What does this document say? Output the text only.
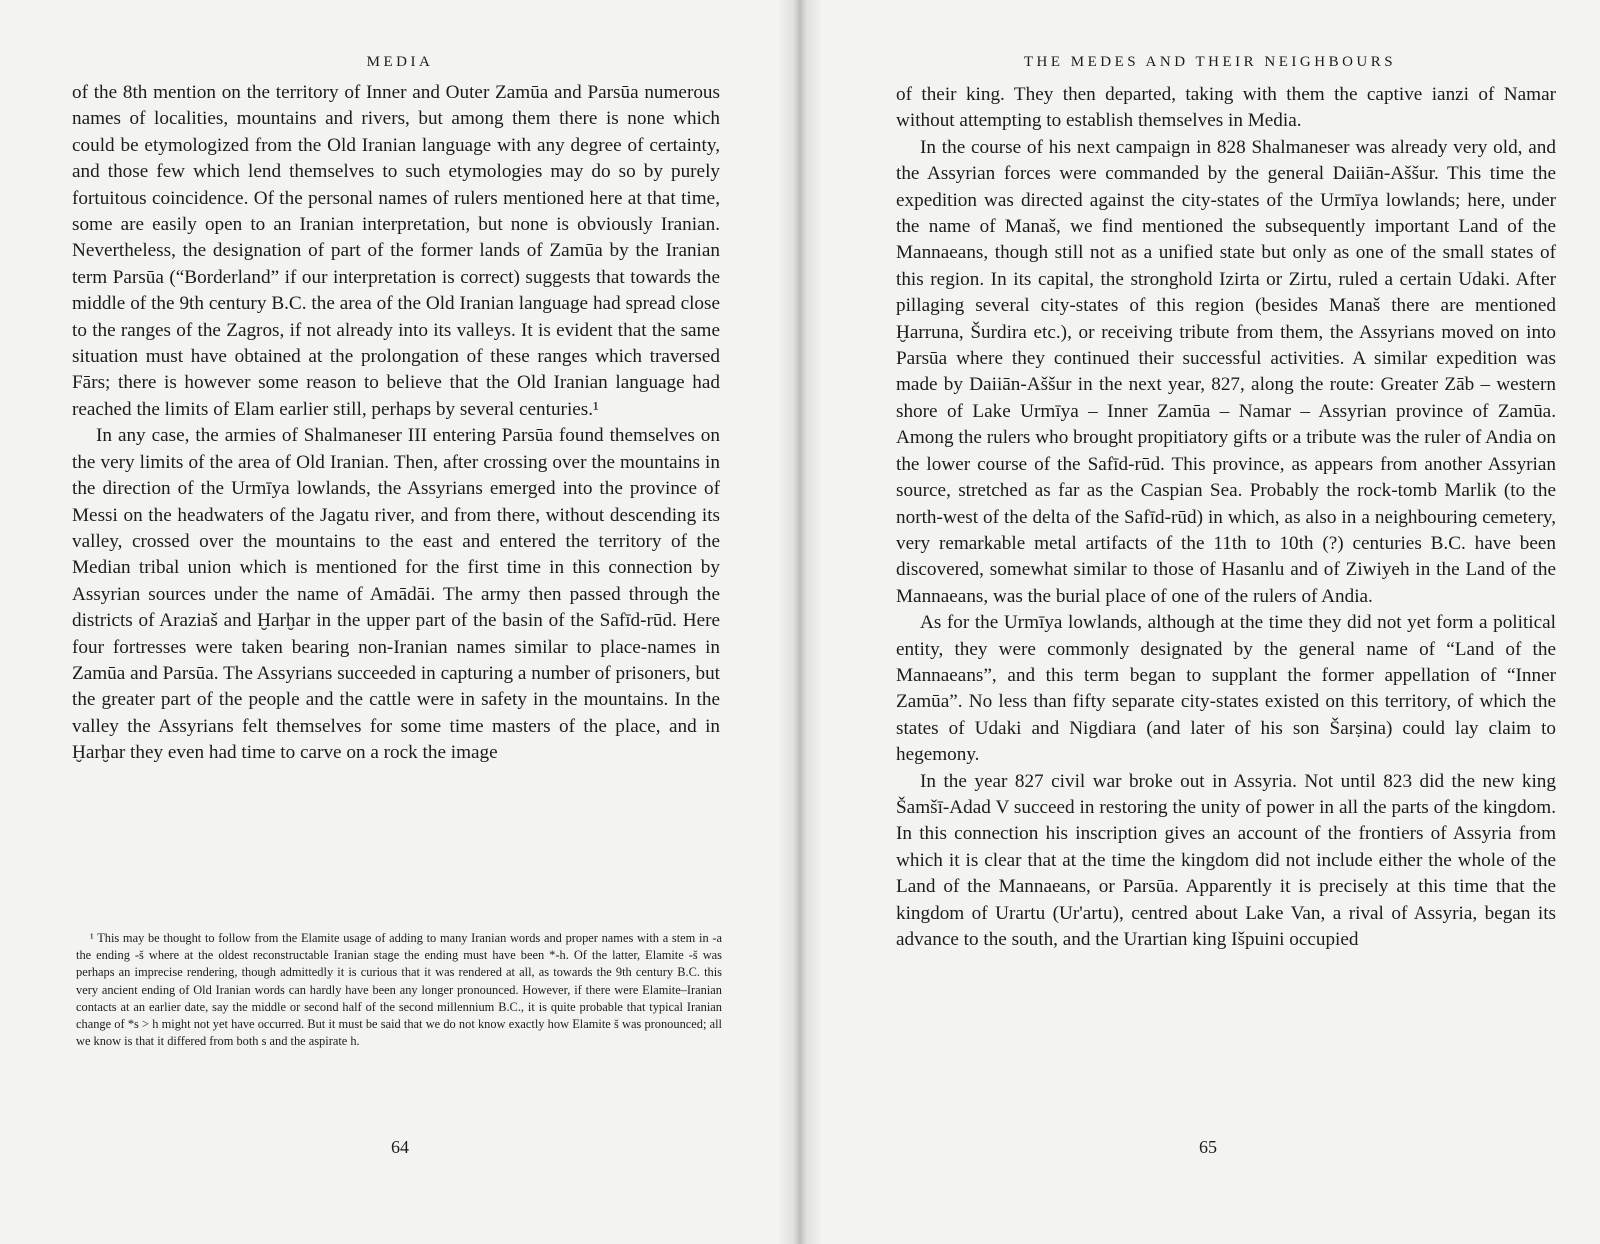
MEDIA

of the 8th mention on the territory of Inner and Outer Zamūa and Parsūa numerous names of localities, mountains and rivers, but among them there is none which could be etymologized from the Old Iranian language with any degree of certainty, and those few which lend themselves to such etymologies may do so by purely fortuitous coincidence. Of the personal names of rulers mentioned here at that time, some are easily open to an Iranian interpretation, but none is obviously Iranian. Nevertheless, the designation of part of the former lands of Zamūa by the Iranian term Parsūa (“Borderland” if our interpretation is correct) suggests that towards the middle of the 9th century B.C. the area of the Old Iranian language had spread close to the ranges of the Zagros, if not already into its valleys. It is evident that the same situation must have obtained at the prolongation of these ranges which traversed Fārs; there is however some reason to believe that the Old Iranian language had reached the limits of Elam earlier still, perhaps by several centuries.¹

In any case, the armies of Shalmaneser III entering Parsūa found themselves on the very limits of the area of Old Iranian. Then, after crossing over the mountains in the direction of the Urmīya lowlands, the Assyrians emerged into the province of Messi on the headwaters of the Jagatu river, and from there, without descending its valley, crossed over the mountains to the east and entered the territory of the Median tribal union which is mentioned for the first time in this connection by Assyrian sources under the name of Amādāi. The army then passed through the districts of Araziaš and Ḫarḫar in the upper part of the basin of the Safīd-rūd. Here four fortresses were taken bearing non-Iranian names similar to place-names in Zamūa and Parsūa. The Assyrians succeeded in capturing a number of prisoners, but the greater part of the people and the cattle were in safety in the mountains. In the valley the Assyrians felt themselves for some time masters of the place, and in Ḫarḫar they even had time to carve on a rock the image

¹ This may be thought to follow from the Elamite usage of adding to many Iranian words and proper names with a stem in -a the ending -š where at the oldest reconstructable Iranian stage the ending must have been *-h. Of the latter, Elamite -š was perhaps an imprecise rendering, though admittedly it is curious that it was rendered at all, as towards the 9th century B.C. this very ancient ending of Old Iranian words can hardly have been any longer pronounced. However, if there were Elamite–Iranian contacts at an earlier date, say the middle or second half of the second millennium B.C., it is quite probable that typical Iranian change of *s > h might not yet have occurred. But it must be said that we do not know exactly how Elamite š was pronounced; all we know is that it differed from both s and the aspirate h.

64
THE MEDES AND THEIR NEIGHBOURS

of their king. They then departed, taking with them the captive ianzi of Namar without attempting to establish themselves in Media.

In the course of his next campaign in 828 Shalmaneser was already very old, and the Assyrian forces were commanded by the general Daiiān-Aššur. This time the expedition was directed against the city-states of the Urmīya lowlands; here, under the name of Manaš, we find mentioned the subsequently important Land of the Mannaeans, though still not as a unified state but only as one of the small states of this region. In its capital, the stronghold Izirta or Zirtu, ruled a certain Udaki. After pillaging several city-states of this region (besides Manaš there are mentioned Ḫarruna, Šurdira etc.), or receiving tribute from them, the Assyrians moved on into Parsūa where they continued their successful activities. A similar expedition was made by Daiiān-Aššur in the next year, 827, along the route: Greater Zāb – western shore of Lake Urmīya – Inner Zamūa – Namar – Assyrian province of Zamūa. Among the rulers who brought propitiatory gifts or a tribute was the ruler of Andia on the lower course of the Safīd-rūd. This province, as appears from another Assyrian source, stretched as far as the Caspian Sea. Probably the rock-tomb Marlik (to the north-west of the delta of the Safīd-rūd) in which, as also in a neighbouring cemetery, very remarkable metal artifacts of the 11th to 10th (?) centuries B.C. have been discovered, somewhat similar to those of Hasanlu and of Ziwiyeh in the Land of the Mannaeans, was the burial place of one of the rulers of Andia.

As for the Urmīya lowlands, although at the time they did not yet form a political entity, they were commonly designated by the general name of “Land of the Mannaeans”, and this term began to supplant the former appellation of “Inner Zamūa”. No less than fifty separate city-states existed on this territory, of which the states of Udaki and Nigdiara (and later of his son Šarṣina) could lay claim to hegemony.

In the year 827 civil war broke out in Assyria. Not until 823 did the new king Šamšī-Adad V succeed in restoring the unity of power in all the parts of the kingdom. In this connection his inscription gives an account of the frontiers of Assyria from which it is clear that at the time the kingdom did not include either the whole of the Land of the Mannaeans, or Parsūa. Apparently it is precisely at this time that the kingdom of Urartu (Ur'artu), centred about Lake Van, a rival of Assyria, began its advance to the south, and the Urartian king Išpuini occupied

65
